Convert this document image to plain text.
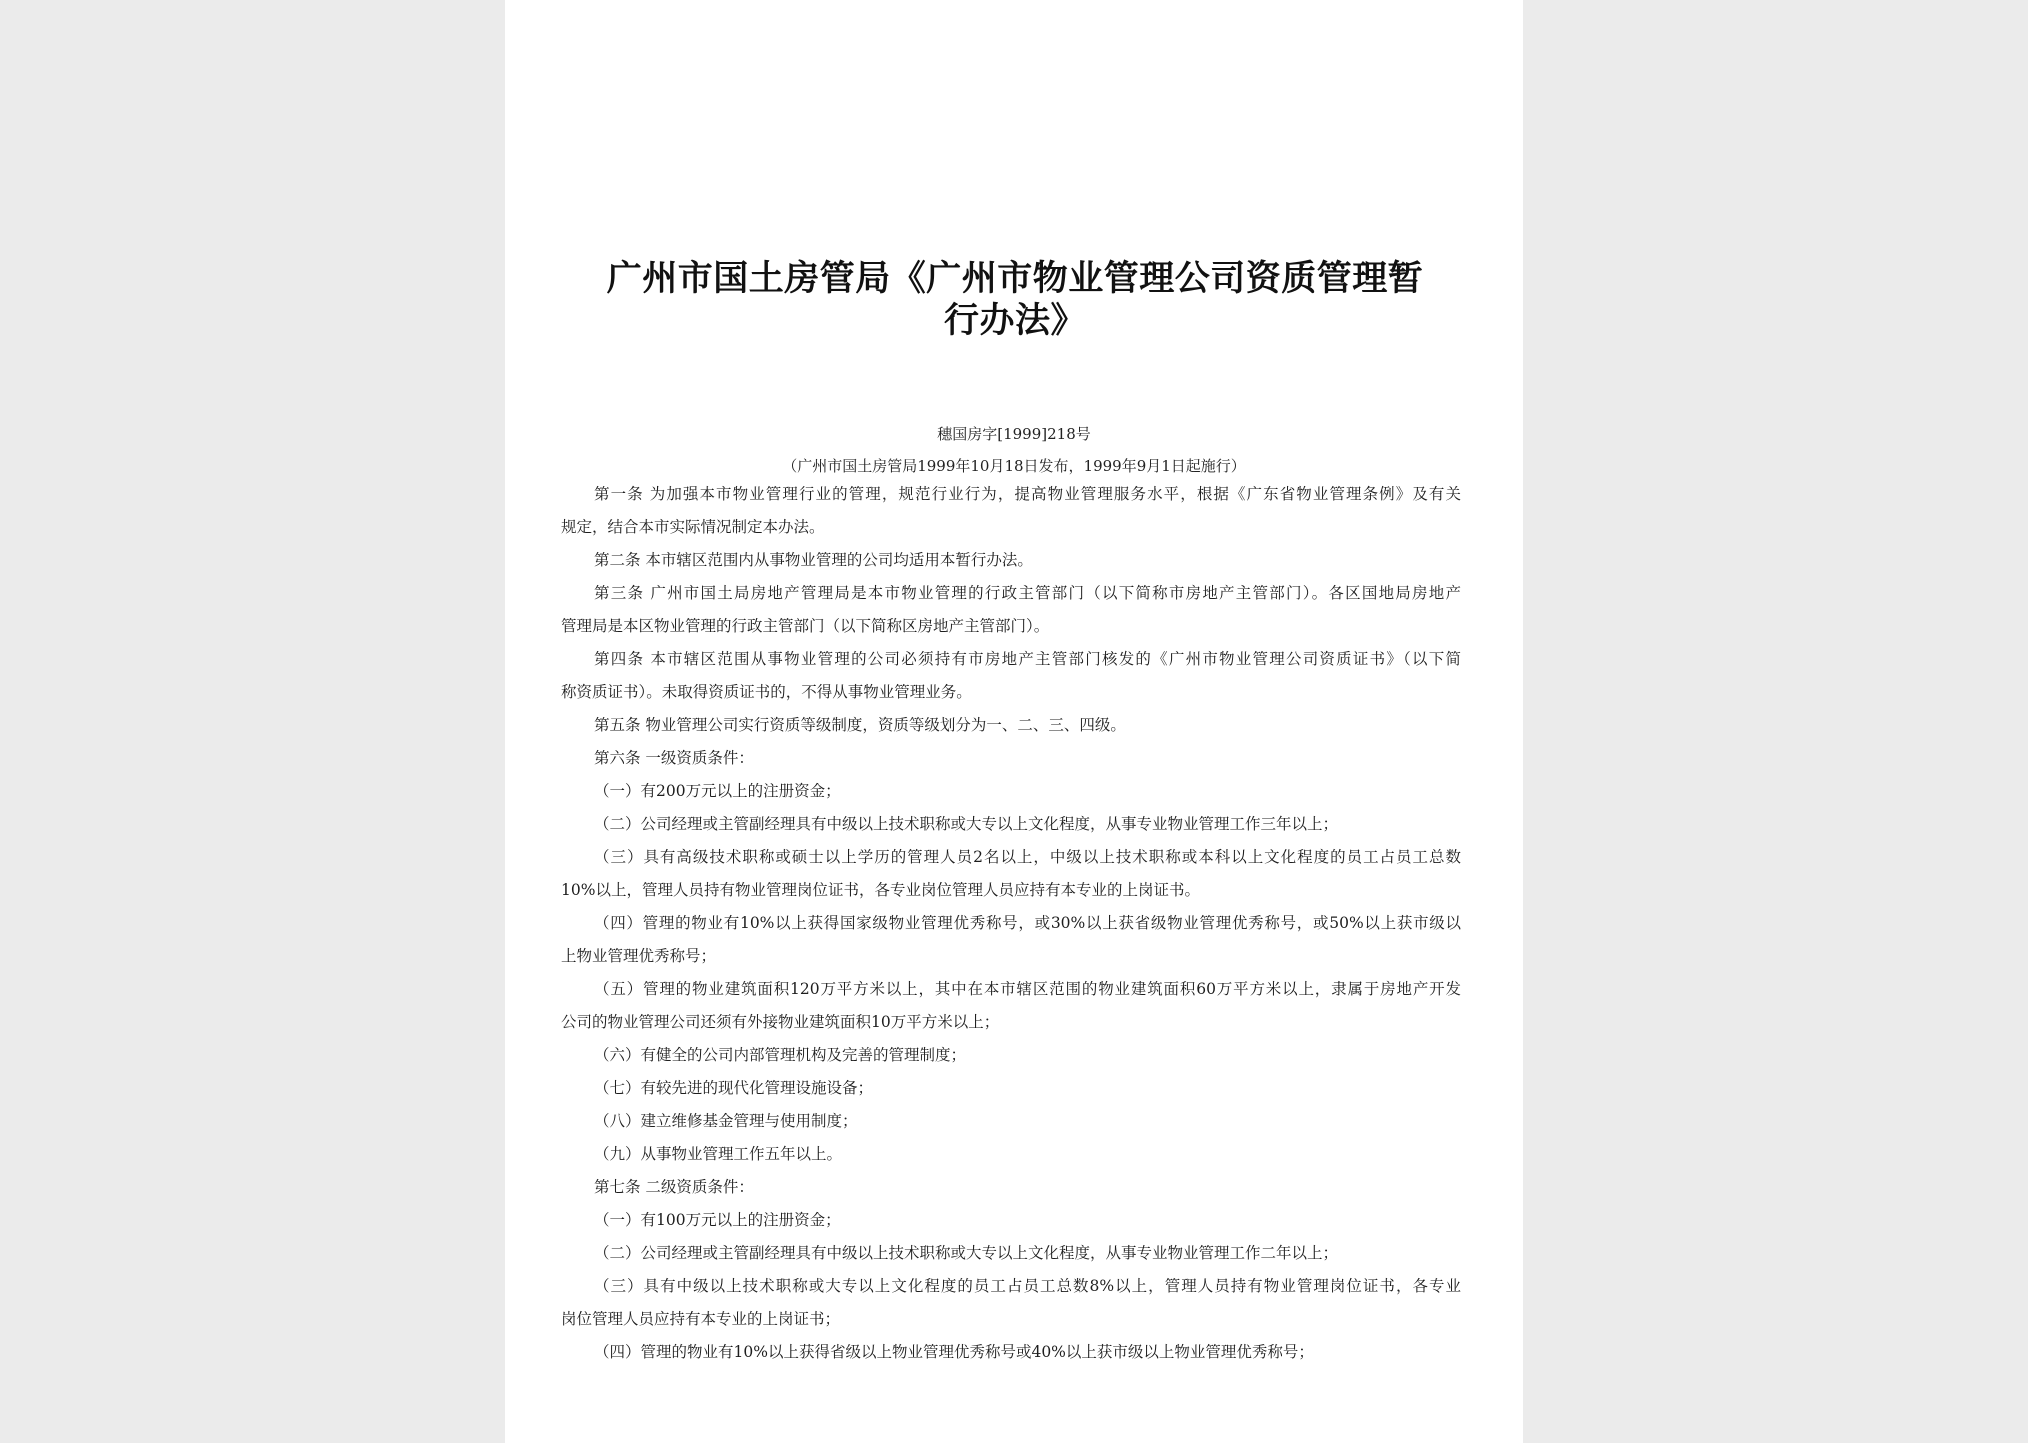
广州市国土房管局《广州市物业管理公司资质管理暂
行办法》
穗国房字[1999]218号
（广州市国土房管局1999年10月18日发布，1999年9月1日起施行）
第一条 为加强本市物业管理行业的管理，规范行业行为，提高物业管理服务水平，根据《广东省物业管理条例》及有关
规定，结合本市实际情况制定本办法。
第二条 本市辖区范围内从事物业管理的公司均适用本暂行办法。
第三条 广州市国土局房地产管理局是本市物业管理的行政主管部门（以下简称市房地产主管部门）。各区国地局房地产
管理局是本区物业管理的行政主管部门（以下简称区房地产主管部门）。
第四条 本市辖区范围从事物业管理的公司必须持有市房地产主管部门核发的《广州市物业管理公司资质证书》（以下简
称资质证书）。未取得资质证书的，不得从事物业管理业务。
第五条 物业管理公司实行资质等级制度，资质等级划分为一、二、三、四级。
第六条 一级资质条件：
（一）有200万元以上的注册资金；
（二）公司经理或主管副经理具有中级以上技术职称或大专以上文化程度，从事专业物业管理工作三年以上；
（三）具有高级技术职称或硕士以上学历的管理人员2名以上，中级以上技术职称或本科以上文化程度的员工占员工总数
10%以上，管理人员持有物业管理岗位证书，各专业岗位管理人员应持有本专业的上岗证书。
（四）管理的物业有10%以上获得国家级物业管理优秀称号，或30%以上获省级物业管理优秀称号，或50%以上获市级以
上物业管理优秀称号；
（五）管理的物业建筑面积120万平方米以上，其中在本市辖区范围的物业建筑面积60万平方米以上，隶属于房地产开发
公司的物业管理公司还须有外接物业建筑面积10万平方米以上；
（六）有健全的公司内部管理机构及完善的管理制度；
（七）有较先进的现代化管理设施设备；
（八）建立维修基金管理与使用制度；
（九）从事物业管理工作五年以上。
第七条 二级资质条件：
（一）有100万元以上的注册资金；
（二）公司经理或主管副经理具有中级以上技术职称或大专以上文化程度，从事专业物业管理工作二年以上；
（三）具有中级以上技术职称或大专以上文化程度的员工占员工总数8%以上，管理人员持有物业管理岗位证书，各专业
岗位管理人员应持有本专业的上岗证书；
（四）管理的物业有10%以上获得省级以上物业管理优秀称号或40%以上获市级以上物业管理优秀称号；
